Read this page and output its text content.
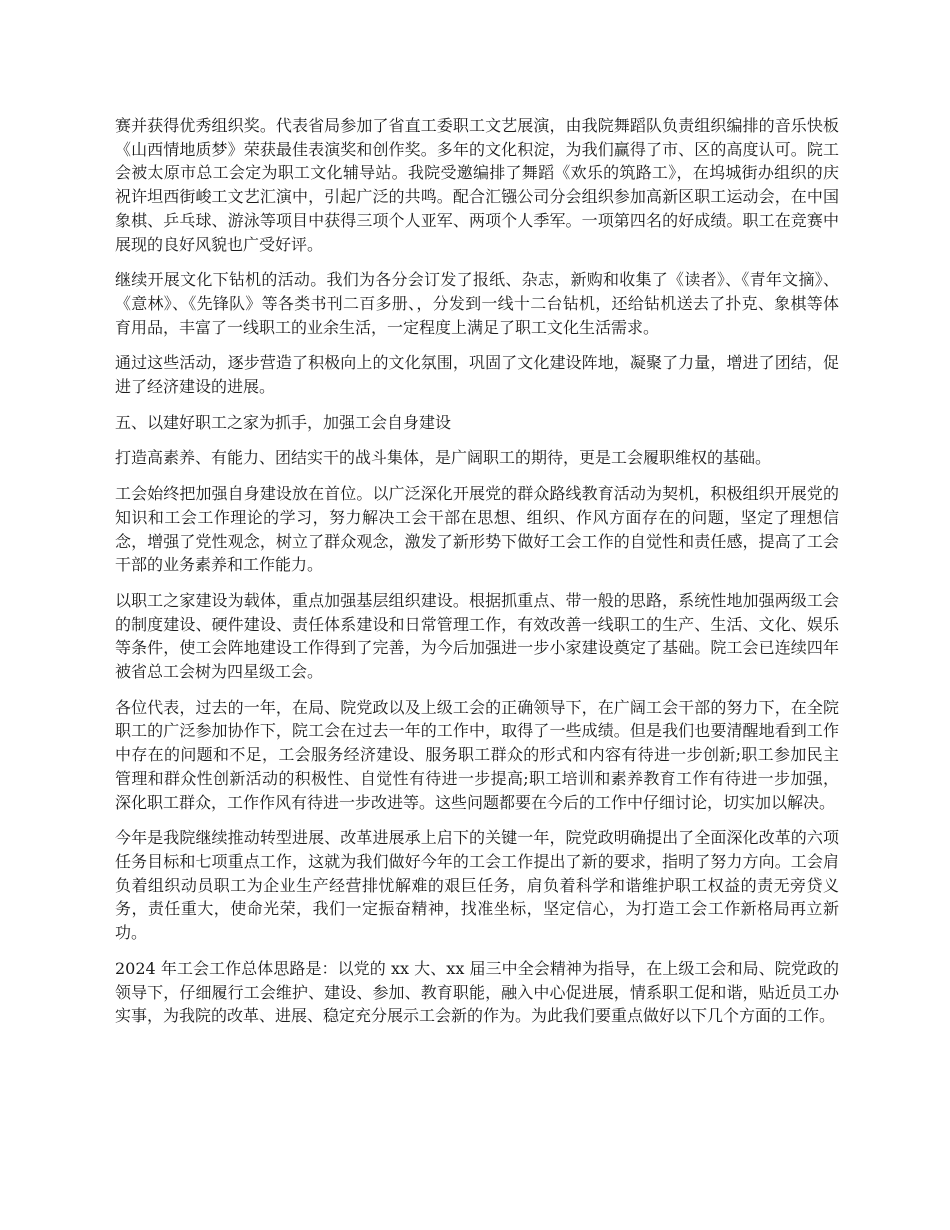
赛并获得优秀组织奖。代表省局参加了省直工委职工文艺展演，由我院舞蹈队负责组织编排的音乐快板《山西情地质梦》荣获最佳表演奖和创作奖。多年的文化积淀，为我们赢得了市、区的高度认可。院工会被太原市总工会定为职工文化辅导站。我院受邀编排了舞蹈《欢乐的筑路工》，在坞城街办组织的庆祝许坦西街峻工文艺汇演中，引起广泛的共鸣。配合汇镪公司分会组织参加高新区职工运动会，在中国象棋、乒乓球、游泳等项目中获得三项个人亚军、两项个人季军。一项第四名的好成绩。职工在竞赛中展现的良好风貌也广受好评。

继续开展文化下钻机的活动。我们为各分会订发了报纸、杂志，新购和收集了《读者》、《青年文摘》、《意林》、《先锋队》等各类书刊二百多册、，分发到一线十二台钻机，还给钻机送去了扑克、象棋等体育用品，丰富了一线职工的业余生活，一定程度上满足了职工文化生活需求。

通过这些活动，逐步营造了积极向上的文化氛围，巩固了文化建设阵地，凝聚了力量，增进了团结，促进了经济建设的进展。

五、以建好职工之家为抓手，加强工会自身建设

打造高素养、有能力、团结实干的战斗集体，是广阔职工的期待，更是工会履职维权的基础。

工会始终把加强自身建设放在首位。以广泛深化开展党的群众路线教育活动为契机，积极组织开展党的知识和工会工作理论的学习，努力解决工会干部在思想、组织、作风方面存在的问题，坚定了理想信念，增强了党性观念，树立了群众观念，激发了新形势下做好工会工作的自觉性和责任感，提高了工会干部的业务素养和工作能力。

以职工之家建设为载体，重点加强基层组织建设。根据抓重点、带一般的思路，系统性地加强两级工会的制度建设、硬件建设、责任体系建设和日常管理工作，有效改善一线职工的生产、生活、文化、娱乐等条件，使工会阵地建设工作得到了完善，为今后加强进一步小家建设奠定了基础。院工会已连续四年被省总工会树为四星级工会。

各位代表，过去的一年，在局、院党政以及上级工会的正确领导下，在广阔工会干部的努力下，在全院职工的广泛参加协作下，院工会在过去一年的工作中，取得了一些成绩。但是我们也要清醒地看到工作中存在的问题和不足，工会服务经济建设、服务职工群众的形式和内容有待进一步创新;职工参加民主管理和群众性创新活动的积极性、自觉性有待进一步提高;职工培训和素养教育工作有待进一步加强，深化职工群众，工作作风有待进一步改进等。这些问题都要在今后的工作中仔细讨论，切实加以解决。

今年是我院继续推动转型进展、改革进展承上启下的关键一年，院党政明确提出了全面深化改革的六项任务目标和七项重点工作，这就为我们做好今年的工会工作提出了新的要求，指明了努力方向。工会肩负着组织动员职工为企业生产经营排忧解难的艰巨任务，肩负着科学和谐维护职工权益的责无旁贷义务，责任重大，使命光荣，我们一定振奋精神，找准坐标，坚定信心，为打造工会工作新格局再立新功。

2024 年工会工作总体思路是：以党的 xx 大、xx 届三中全会精神为指导，在上级工会和局、院党政的领导下，仔细履行工会维护、建设、参加、教育职能，融入中心促进展，情系职工促和谐，贴近员工办实事，为我院的改革、进展、稳定充分展示工会新的作为。为此我们要重点做好以下几个方面的工作。
